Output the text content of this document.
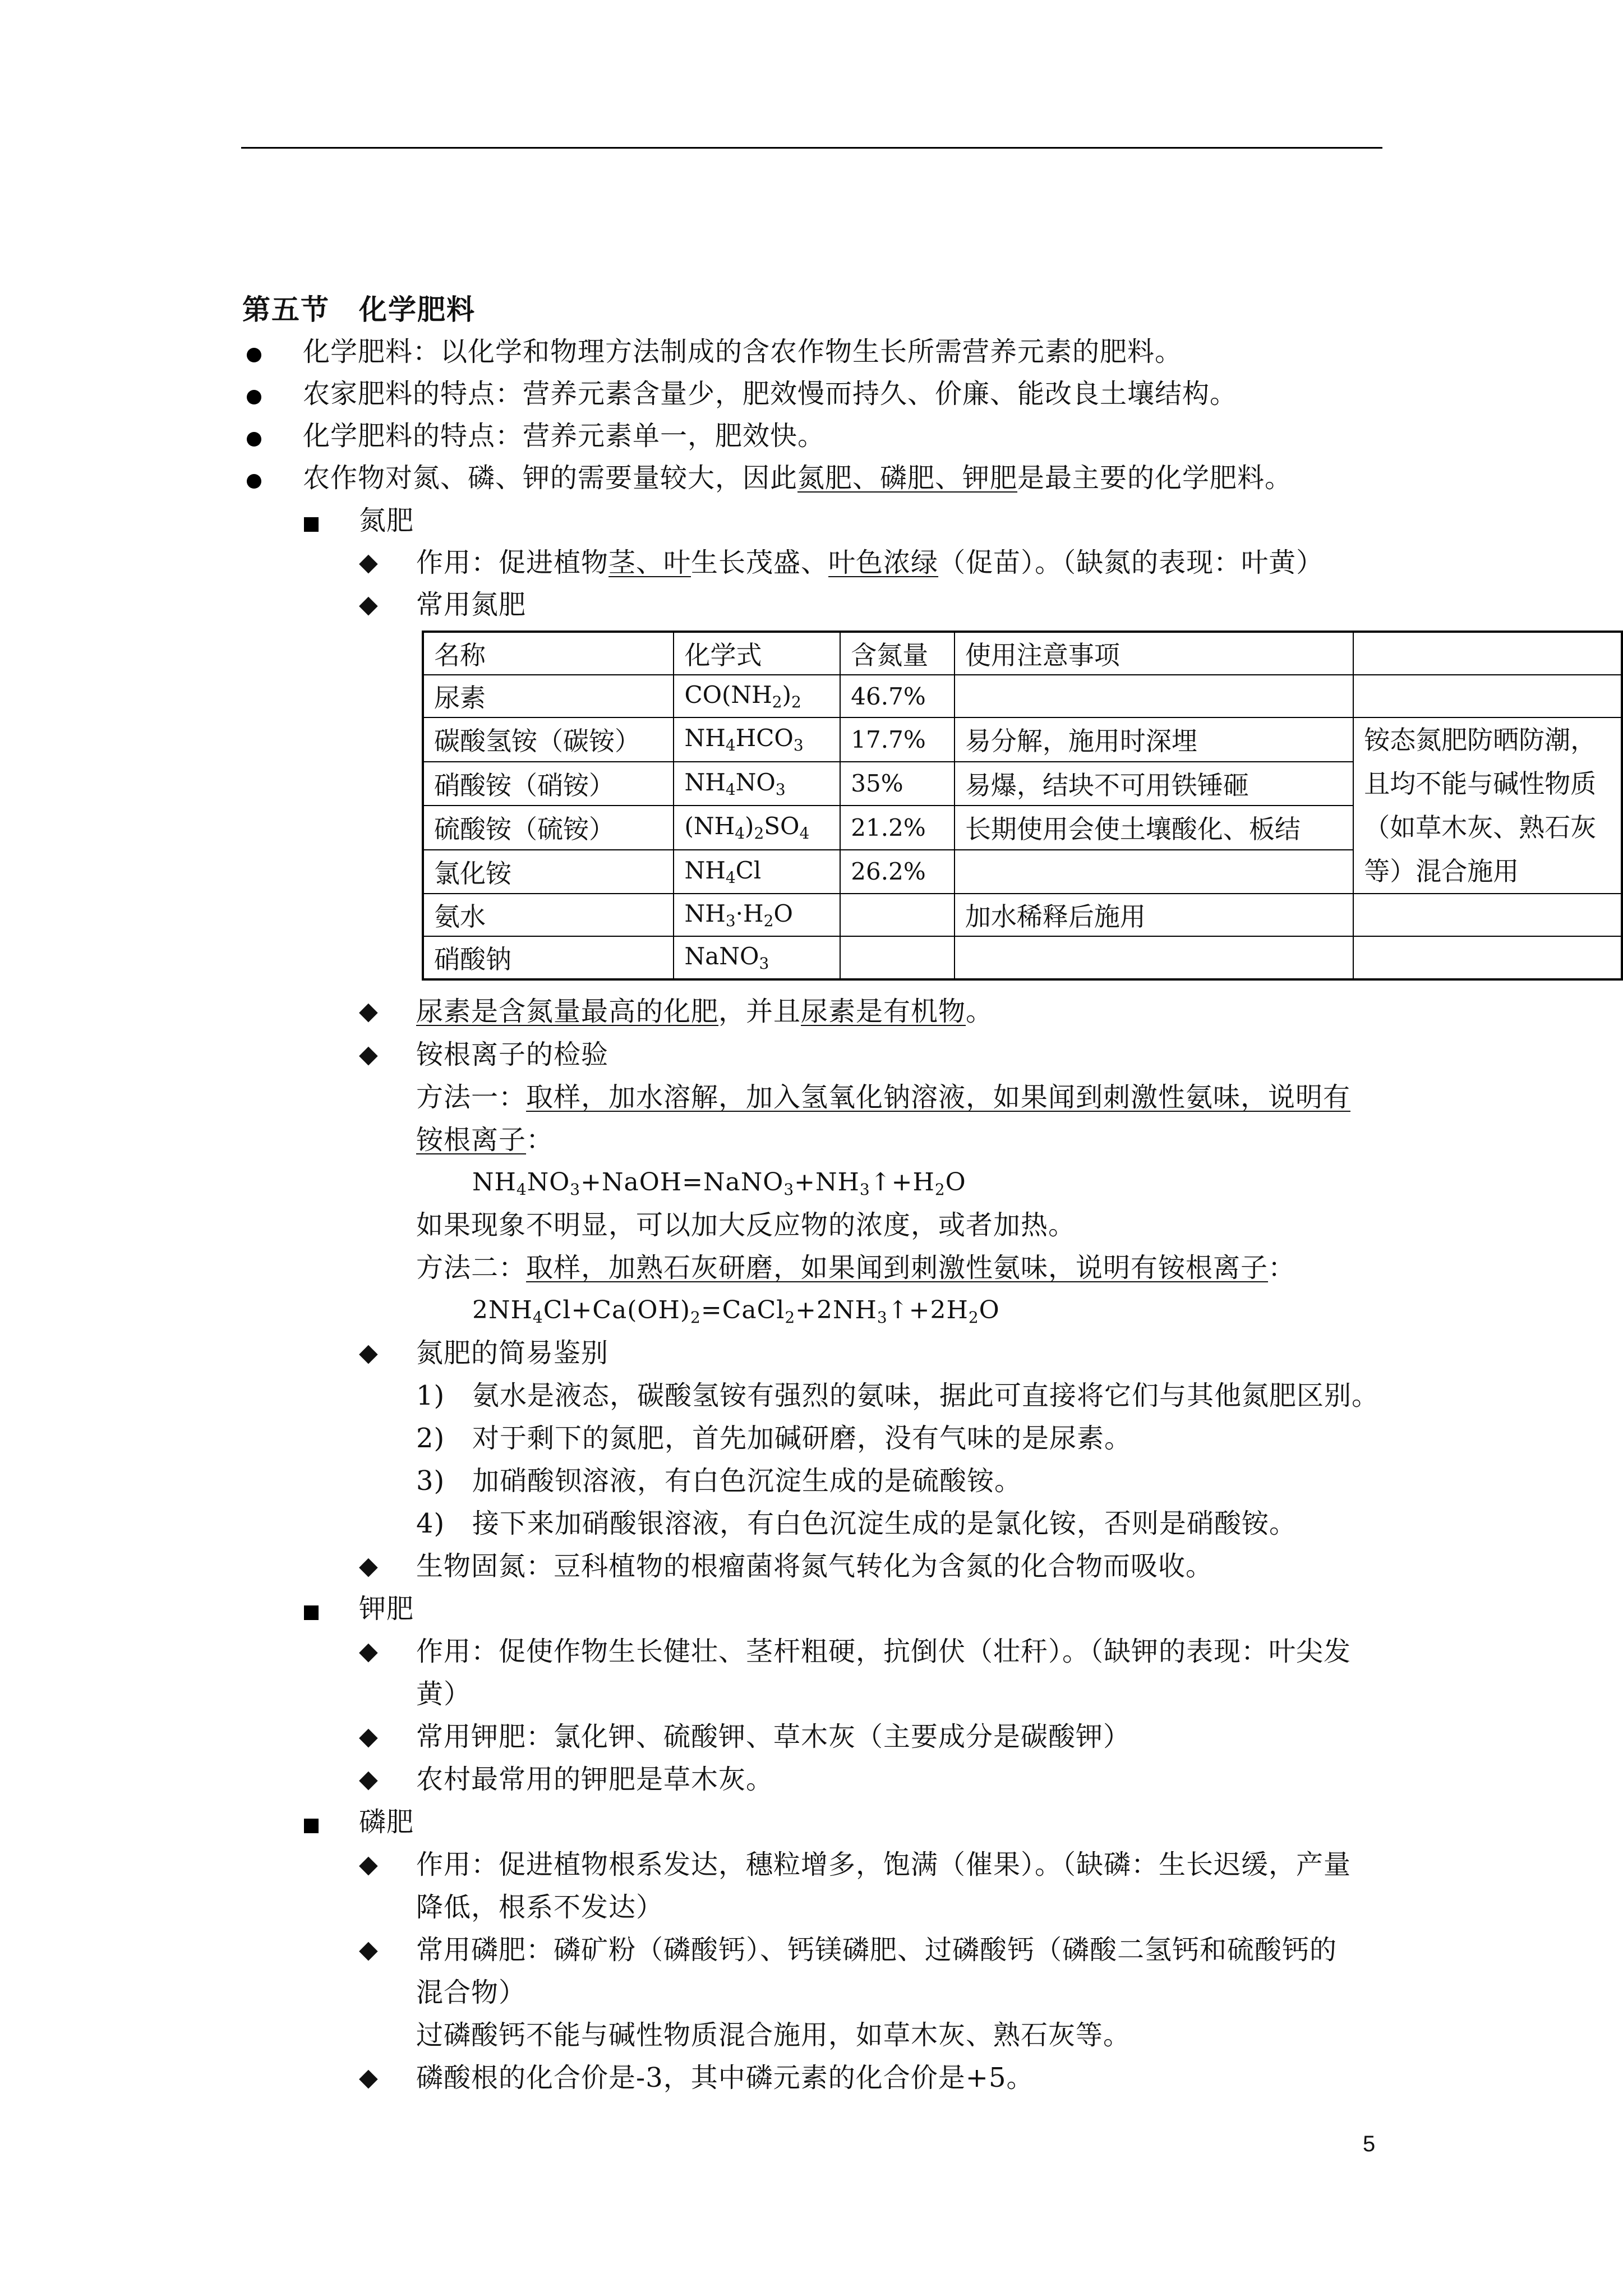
第五节　化学肥料
化学肥料：以化学和物理方法制成的含农作物生长所需营养元素的肥料。
农家肥料的特点：营养元素含量少，肥效慢而持久、价廉、能改良土壤结构。
化学肥料的特点：营养元素单一，肥效快。
农作物对氮、磷、钾的需要量较大，因此氮肥、磷肥、钾肥是最主要的化学肥料。
氮肥
◆ 作用：促进植物茎、叶生长茂盛、叶色浓绿（促苗）。（缺氮的表现：叶黄）
◆ 常用氮肥
名称	化学式	含氮量	使用注意事项	
尿素	$CO(NH_2)_2$	46.7%		
碳酸氢铵（碳铵）	$NH_4HCO_3$	17.7%	易分解，施用时深埋	铵态氮肥防晒防潮，且均不能与碱性物质（如草木灰、熟石灰等）混合施用
硝酸铵（硝铵）	$NH_4NO_3$	35%	易爆，结块不可用铁锤砸	
硫酸铵（硫铵）	$(NH_4)_2SO_4$	21.2%	长期使用会使土壤酸化、板结	
氯化铵	$NH_4Cl$	26.2%		
氨水	$NH_3\cdot H_2O$		加水稀释后施用	
硝酸钠	NaNO$_3$			
◆ 尿素是含氮量最高的化肥，并且尿素是有机物。
◆ 铵根离子的检验
方法一：取样，加水溶解，加入氢氧化钠溶液，如果闻到刺激性氨味，说明有
铵根离子：
$NH_4NO_3+NaOH=NaNO_3+NH_3↑+H_2O$
如果现象不明显，可以加大反应物的浓度，或者加热。
方法二：取样，加熟石灰研磨，如果闻到刺激性氨味，说明有铵根离子：
$2NH_4Cl+Ca(OH)_2=CaCl_2+2NH_3↑+2H_2O$
◆ 氮肥的简易鉴别
1) 氨水是液态，碳酸氢铵有强烈的氨味，据此可直接将它们与其他氮肥区别。
2) 对于剩下的氮肥，首先加碱研磨，没有气味的是尿素。
3) 加硝酸钡溶液，有白色沉淀生成的是硫酸铵。
4) 接下来加硝酸银溶液，有白色沉淀生成的是氯化铵，否则是硝酸铵。
◆ 生物固氮：豆科植物的根瘤菌将氮气转化为含氮的化合物而吸收。
钾肥
◆ 作用：促使作物生长健壮、茎杆粗硬，抗倒伏（壮秆）。（缺钾的表现：叶尖发
黄）
◆ 常用钾肥：氯化钾、硫酸钾、草木灰（主要成分是碳酸钾）
◆ 农村最常用的钾肥是草木灰。
磷肥
◆ 作用：促进植物根系发达，穗粒增多，饱满（催果）。（缺磷：生长迟缓，产量
降低，根系不发达）
◆ 常用磷肥：磷矿粉（磷酸钙）、钙镁磷肥、过磷酸钙（磷酸二氢钙和硫酸钙的
混合物）
过磷酸钙不能与碱性物质混合施用，如草木灰、熟石灰等。
◆ 磷酸根的化合价是-3，其中磷元素的化合价是+5。
5
